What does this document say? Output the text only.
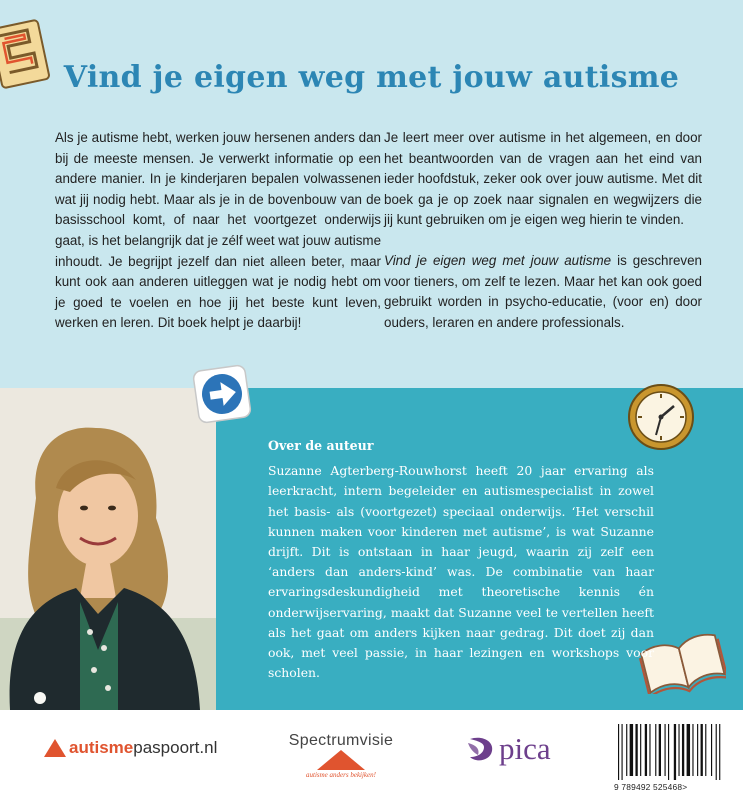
Vind je eigen weg met jouw autisme

Als je autisme hebt, werken jouw hersenen anders dan bij de meeste mensen. Je verwerkt informatie op een andere manier. In je kinderjaren bepalen volwassenen wat jij nodig hebt. Maar als je in de bovenbouw van de basisschool komt, of naar het voortgezet onderwijs gaat, is het belangrijk dat je zélf weet wat jouw autisme inhoudt. Je begrijpt jezelf dan niet alleen beter, maar kunt ook aan anderen uitleggen wat je nodig hebt om je goed te voelen en hoe jij het beste kunt leven, werken en leren. Dit boek helpt je daarbij!

Je leert meer over autisme in het algemeen, en door het beantwoorden van de vragen aan het eind van ieder hoofdstuk, zeker ook over jouw autisme. Met dit boek ga je op zoek naar signalen en wegwijzers die jij kunt gebruiken om je eigen weg hierin te vinden.

Vind je eigen weg met jouw autisme is geschreven voor tieners, om zelf te lezen. Maar het kan ook goed gebruikt worden in psycho-educatie, (voor en) door ouders, leraren en andere professionals.

Over de auteur

Suzanne Agterberg-Rouwhorst heeft 20 jaar ervaring als leerkracht, intern begeleider en autismespecialist in zowel het basis- als (voortgezet) speciaal onderwijs. ‘Het verschil kunnen maken voor kinderen met autisme’, is wat Suzanne drijft. Dit is ontstaan in haar jeugd, waarin zij zelf een ‘anders dan anders-kind’ was. De combinatie van haar ervaringsdeskundigheid met theoretische kennis én onderwijservaring, maakt dat Suzanne veel te vertellen heeft als het gaat om anders kijken naar gedrag. Dit doet zij dan ook, met veel passie, in haar lezingen en workshops voor scholen.

autisme paspoort.nl	Spectrumvisie
autisme anders bekijken!
pica
9 789492 525468>
